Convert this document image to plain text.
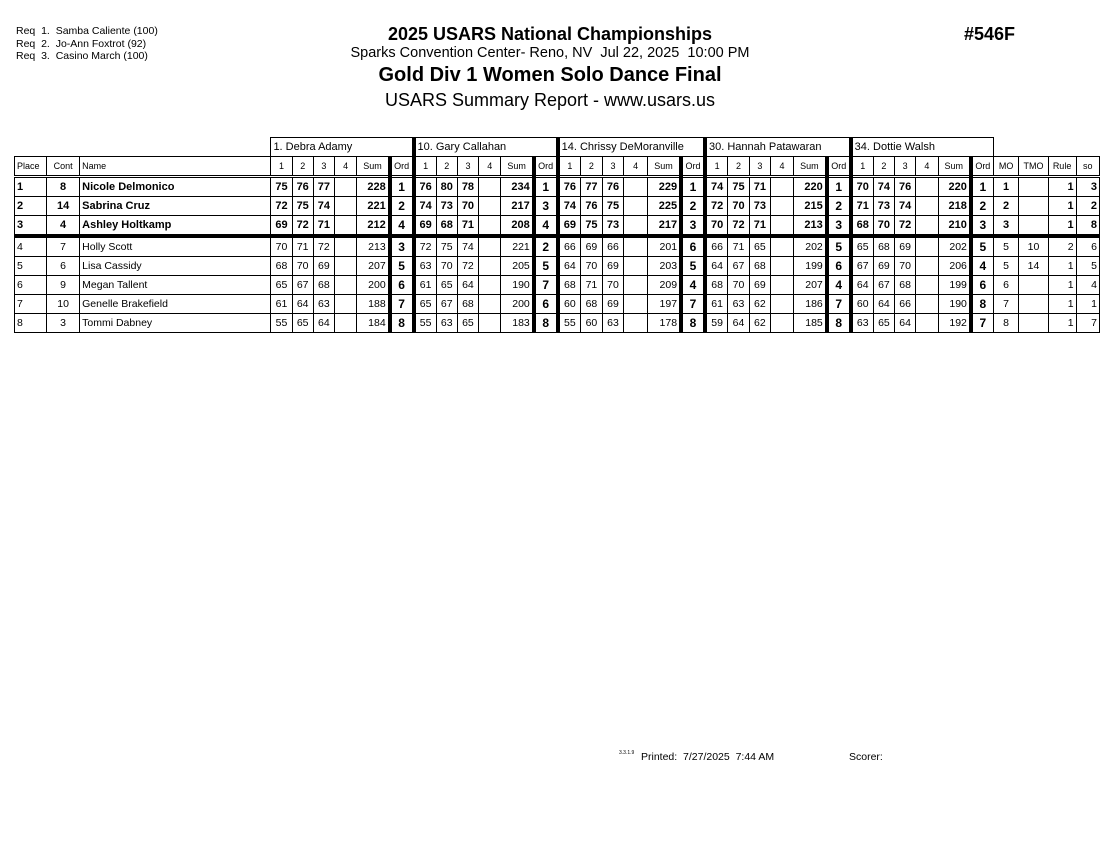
Req  1.  Samba Caliente (100)
Req  2.  Jo-Ann Foxtrot (92)
Req  3.  Casino March (100)
2025 USARS National Championships
Sparks Convention Center- Reno, NV  Jul 22, 2025  10:00 PM
Gold Div 1 Women Solo Dance Final
USARS Summary Report - www.usars.us
#546F
			1. Debra Adamy						10. Gary Callahan						14. Chrissy DeMoranville						30. Hannah Patawaran						34. Dottie Walsh									
Place	Cont	Name	1	2	3	4	Sum	Ord	1	2	3	4	Sum	Ord	1	2	3	4	Sum	Ord	1	2	3	4	Sum	Ord	1	2	3	4	Sum	Ord	MO	TMO	Rule	so
1	8	Nicole Delmonico	75	76	77		228	1	76	80	78		234	1	76	77	76		229	1	74	75	71		220	1	70	74	76		220	1	1		1	3
2	14	Sabrina Cruz	72	75	74		221	2	74	73	70		217	3	74	76	75		225	2	72	70	73		215	2	71	73	74		218	2	2		1	2
3	4	Ashley Holtkamp	69	72	71		212	4	69	68	71		208	4	69	75	73		217	3	70	72	71		213	3	68	70	72		210	3	3		1	8
4	7	Holly Scott	70	71	72		213	3	72	75	74		221	2	66	69	66		201	6	66	71	65		202	5	65	68	69		202	5	5	10	2	6
5	6	Lisa Cassidy	68	70	69		207	5	63	70	72		205	5	64	70	69		203	5	64	67	68		199	6	67	69	70		206	4	5	14	1	5
6	9	Megan Tallent	65	67	68		200	6	61	65	64		190	7	68	71	70		209	4	68	70	69		207	4	64	67	68		199	6	6		1	4
7	10	Genelle Brakefield	61	64	63		188	7	65	67	68		200	6	60	68	69		197	7	61	63	62		186	7	60	64	66		190	8	7		1	1
8	3	Tommi Dabney	55	65	64		184	8	55	63	65		183	8	55	60	63		178	8	59	64	62		185	8	63	65	64		192	7	8		1	7
3.3.1.9 Printed:  7/27/2025  7:44 AM	Scorer:
